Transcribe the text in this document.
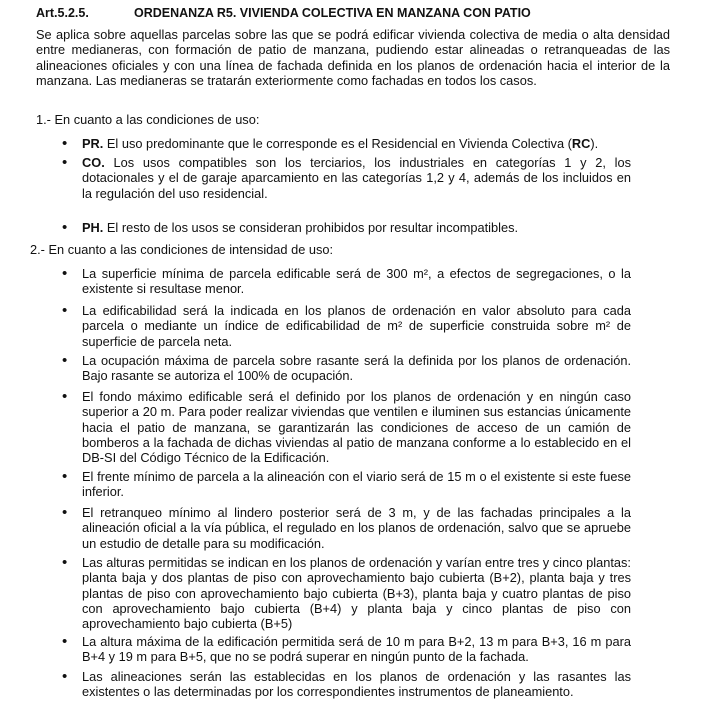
Art.5.2.5.	ORDENANZA R5. VIVIENDA COLECTIVA EN MANZANA CON PATIO
Se aplica sobre aquellas parcelas sobre las que se podrá edificar vivienda colectiva de media o alta densidad entre medianeras, con formación de patio de manzana, pudiendo estar alineadas o retranqueadas de las alineaciones oficiales y con una línea de fachada definida en los planos de ordenación hacia el interior de la manzana. Las medianeras se tratarán exteriormente como fachadas en todos los casos.
1.- En cuanto a las condiciones de uso:
• PR. El uso predominante que le corresponde es el Residencial en Vivienda Colectiva (RC).
• CO. Los usos compatibles son los terciarios, los industriales en categorías 1 y 2, los dotacionales y el de garaje aparcamiento en las categorías 1,2 y 4, además de los incluidos en la regulación del uso residencial.
• PH. El resto de los usos se consideran prohibidos por resultar incompatibles.
2.- En cuanto a las condiciones de intensidad de uso:
• La superficie mínima de parcela edificable será de 300 m², a efectos de segregaciones, o la existente si resultase menor.
• La edificabilidad será la indicada en los planos de ordenación en valor absoluto para cada parcela o mediante un índice de edificabilidad de m² de superficie construida sobre m² de superficie de parcela neta.
• La ocupación máxima de parcela sobre rasante será la definida por los planos de ordenación. Bajo rasante se autoriza el 100% de ocupación.
• El fondo máximo edificable será el definido por los planos de ordenación y en ningún caso superior a 20 m. Para poder realizar viviendas que ventilen e iluminen sus estancias únicamente hacia el patio de manzana, se garantizarán las condiciones de acceso de un camión de bomberos a la fachada de dichas viviendas al patio de manzana conforme a lo establecido en el DB-SI del Código Técnico de la Edificación.
• El frente mínimo de parcela a la alineación con el viario será de 15 m o el existente si este fuese inferior.
• El retranqueo mínimo al lindero posterior será de 3 m, y de las fachadas principales a la alineación oficial a la vía pública, el regulado en los planos de ordenación, salvo que se apruebe un estudio de detalle para su modificación.
• Las alturas permitidas se indican en los planos de ordenación y varían entre tres y cinco plantas: planta baja y dos plantas de piso con aprovechamiento bajo cubierta (B+2), planta baja y tres plantas de piso con aprovechamiento bajo cubierta (B+3), planta baja y cuatro plantas de piso con aprovechamiento bajo cubierta (B+4) y planta baja y cinco plantas de piso con aprovechamiento bajo cubierta (B+5)
• La altura máxima de la edificación permitida será de 10 m para B+2, 13 m para B+3, 16 m para B+4 y 19 m para B+5, que no se podrá superar en ningún punto de la fachada.
• Las alineaciones serán las establecidas en los planos de ordenación y las rasantes las existentes o las determinadas por los correspondientes instrumentos de planeamiento.
